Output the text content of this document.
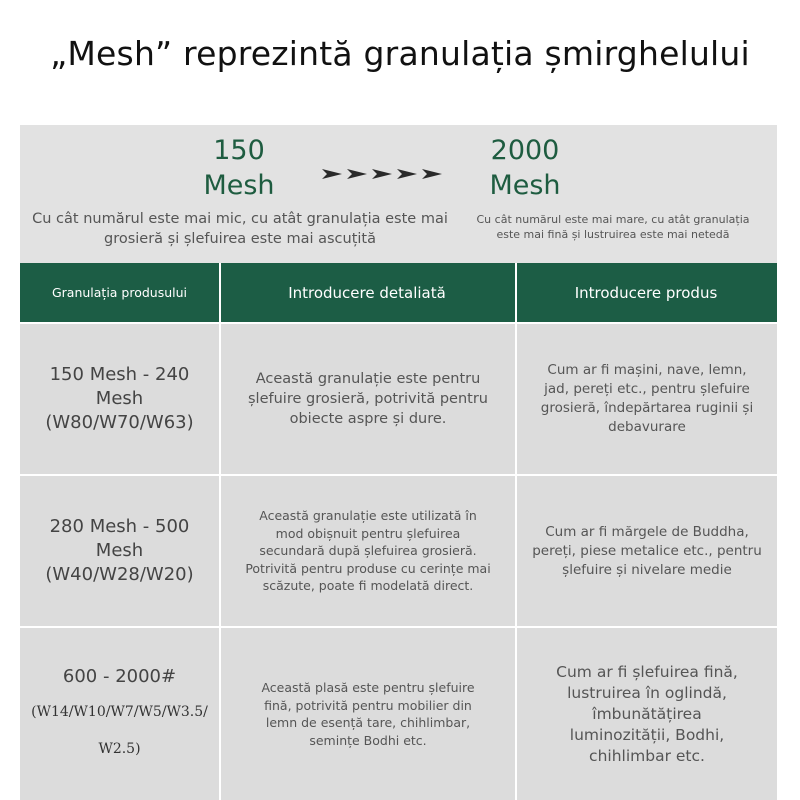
„Mesh” reprezintă granulația șmirghelului
150
Mesh
2000
Mesh
Cu cât numărul este mai mic, cu atât granulația este mai grosieră și șlefuirea este mai ascuțită
Cu cât numărul este mai mare, cu atât granulația este mai fină și lustruirea este mai netedă
Granulația produsului	Introducere detaliată	Introducere produs
150 Mesh - 240 Mesh (W80/W70/W63)
Această granulație este pentru șlefuire grosieră, potrivită pentru obiecte aspre și dure.
Cum ar fi mașini, nave, lemn, jad, pereți etc., pentru șlefuire grosieră, îndepărtarea ruginii și debavurare
280 Mesh - 500 Mesh (W40/W28/W20)
Această granulație este utilizată în mod obișnuit pentru șlefuirea secundară după șlefuirea grosieră. Potrivită pentru produse cu cerințe mai scăzute, poate fi modelată direct.
Cum ar fi mărgele de Buddha, pereți, piese metalice etc., pentru șlefuire și nivelare medie
600 - 2000#
(W14/W10/W7/W5/W3.5/
W2.5)
Această plasă este pentru șlefuire fină, potrivită pentru mobilier din lemn de esență tare, chihlimbar, semințe Bodhi etc.
Cum ar fi șlefuirea fină, lustruirea în oglindă, îmbunătățirea luminozității, Bodhi, chihlimbar etc.
